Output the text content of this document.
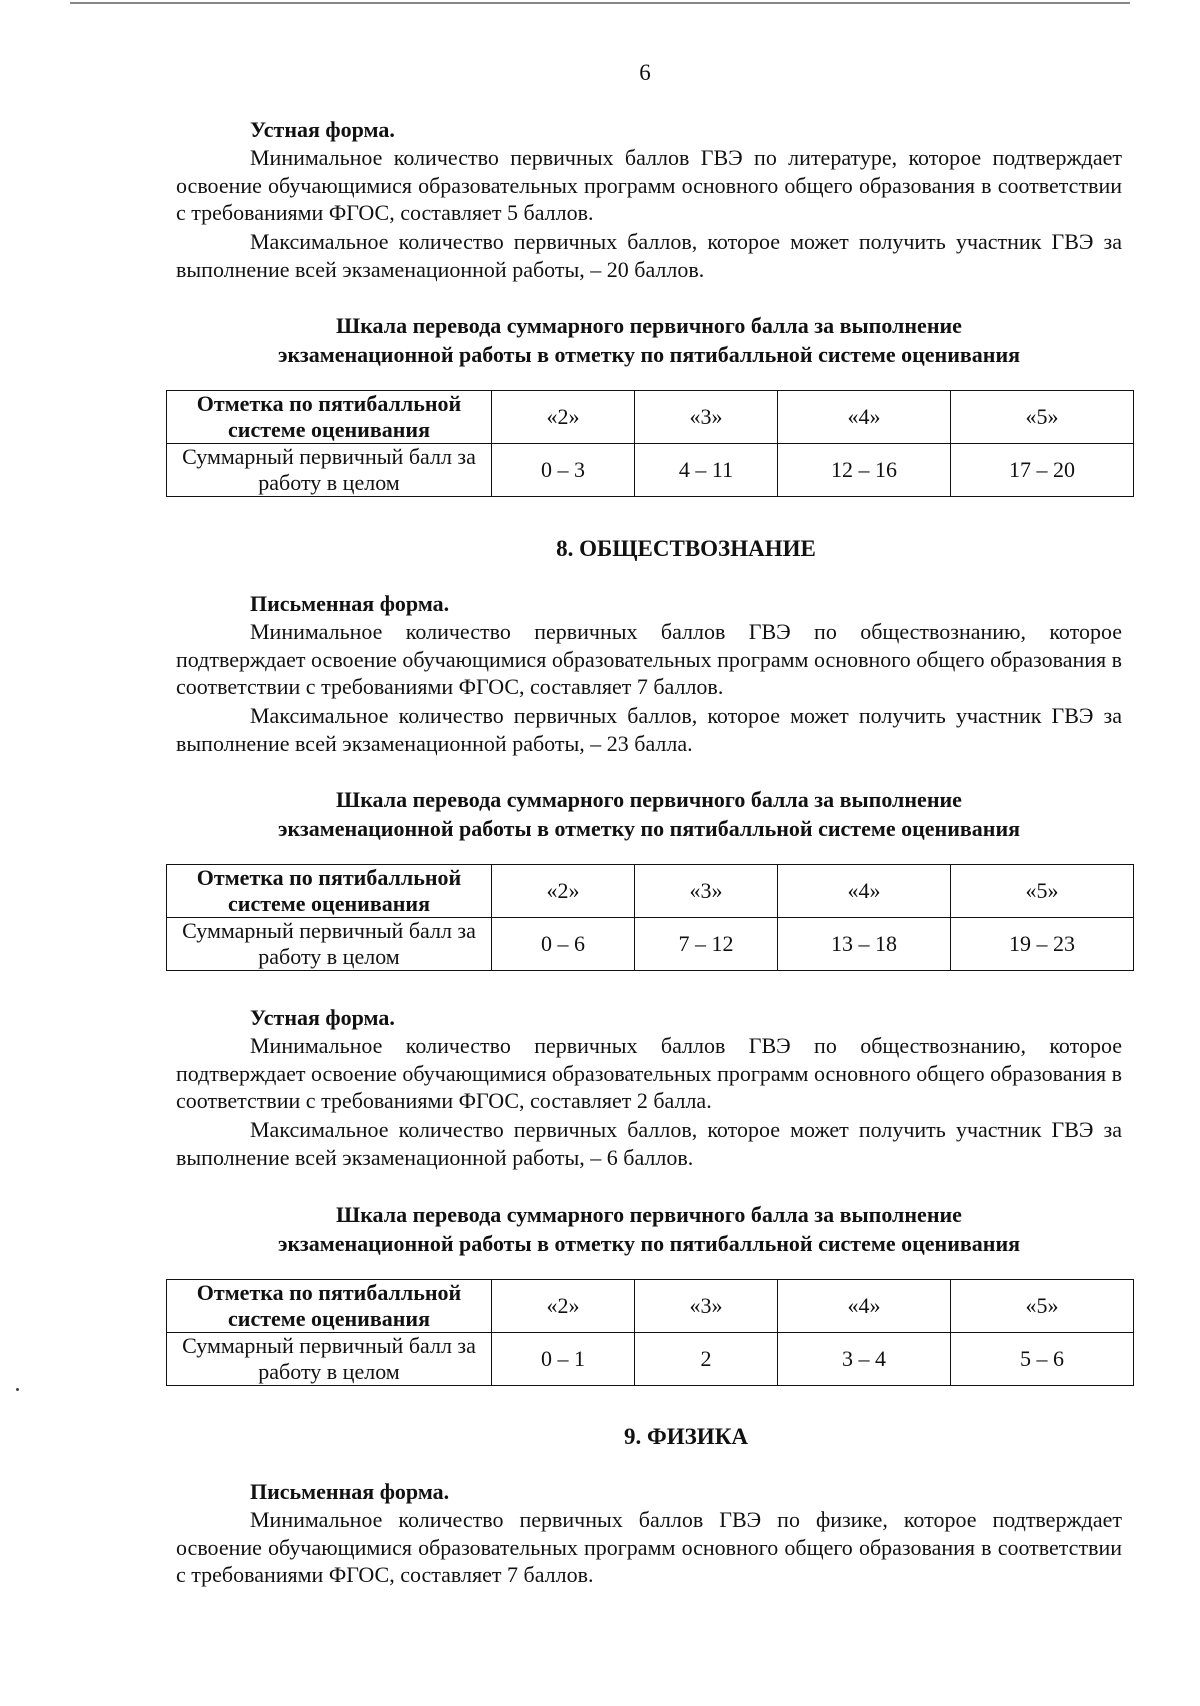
6
Устная форма.

Минимальное количество первичных баллов ГВЭ по литературе, которое подтверждает освоение обучающимися образовательных программ основного общего образования в соответствии с требованиями ФГОС, составляет 5 баллов.

Максимальное количество первичных баллов, которое может получить участник ГВЭ за выполнение всей экзаменационной работы, – 20 баллов.

Шкала перевода суммарного первичного балла за выполнение
экзаменационной работы в отметку по пятибалльной системе оценивания
Отметка по пятибалльной системе оценивания	«2»	«3»	«4»	«5»
Суммарный первичный балл за работу в целом	0 – 3	4 – 11	12 – 16	17 – 20
8. ОБЩЕСТВОЗНАНИЕ
Письменная форма.

Минимальное количество первичных баллов ГВЭ по обществознанию, которое подтверждает освоение обучающимися образовательных программ основного общего образования в соответствии с требованиями ФГОС, составляет 7 баллов.

Максимальное количество первичных баллов, которое может получить участник ГВЭ за выполнение всей экзаменационной работы, – 23 балла.

Шкала перевода суммарного первичного балла за выполнение
экзаменационной работы в отметку по пятибалльной системе оценивания
Отметка по пятибалльной системе оценивания	«2»	«3»	«4»	«5»
Суммарный первичный балл за работу в целом	0 – 6	7 – 12	13 – 18	19 – 23
Устная форма.

Минимальное количество первичных баллов ГВЭ по обществознанию, которое подтверждает освоение обучающимися образовательных программ основного общего образования в соответствии с требованиями ФГОС, составляет 2 балла.

Максимальное количество первичных баллов, которое может получить участник ГВЭ за выполнение всей экзаменационной работы, – 6 баллов.

Шкала перевода суммарного первичного балла за выполнение
экзаменационной работы в отметку по пятибалльной системе оценивания
Отметка по пятибалльной системе оценивания	«2»	«3»	«4»	«5»
Суммарный первичный балл за работу в целом	0 – 1	2	3 – 4	5 – 6
9. ФИЗИКА
Письменная форма.

Минимальное количество первичных баллов ГВЭ по физике, которое подтверждает освоение обучающимися образовательных программ основного общего образования в соответствии с требованиями ФГОС, составляет 7 баллов.
